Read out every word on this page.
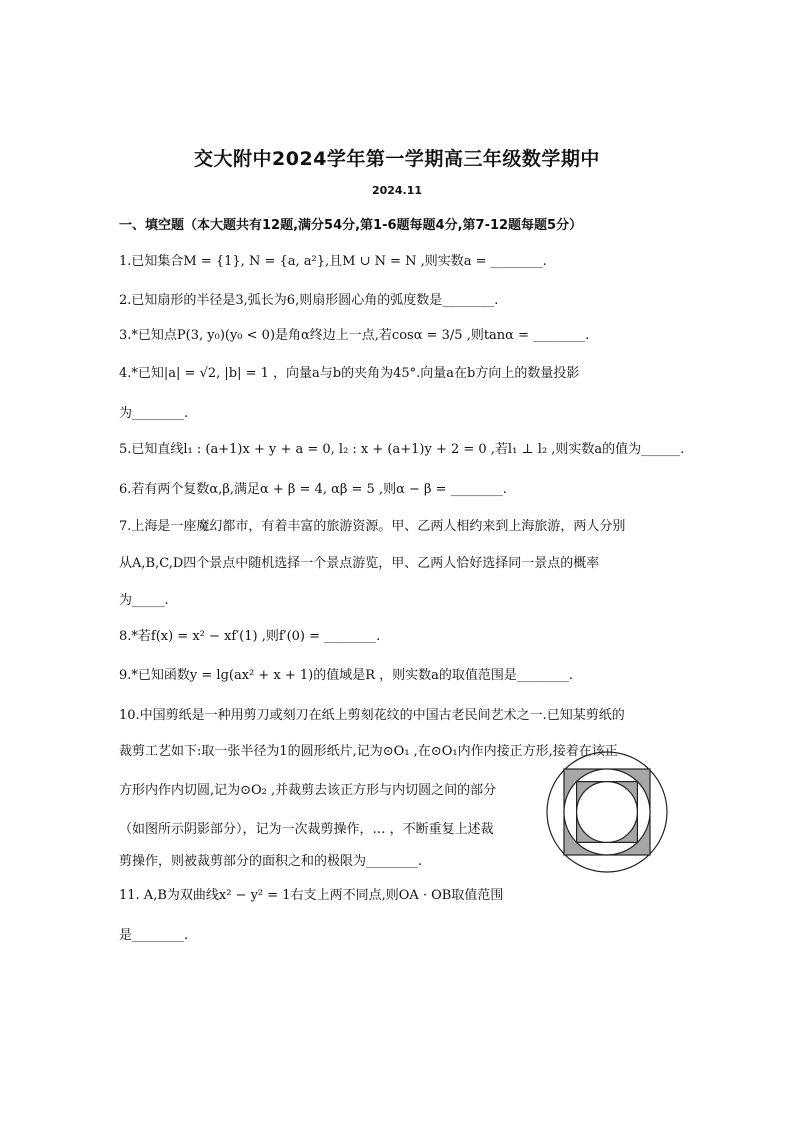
交大附中2024学年第一学期高三年级数学期中
2024.11
一、填空题（本大题共有12题,满分54分,第1-6题每题4分,第7-12题每题5分）
1.已知集合M = {1}, N = {a, a²},且M ∪ N = N ,则实数a = ________.
2.已知扇形的半径是3,弧长为6,则扇形圆心角的弧度数是________.
3.*已知点P(3, y₀)(y₀ < 0)是角α终边上一点,若cosα = 3/5 ,则tanα = ________.
4.*已知|a| = √2, |b| = 1 ，向量a与b的夹角为45°.向量a在b方向上的数量投影
为________.
5.已知直线l₁ : (a+1)x + y + a = 0, l₂ : x + (a+1)y + 2 = 0 ,若l₁ ⊥ l₂ ,则实数a的值为______.
6.若有两个复数α,β,满足α + β = 4, αβ = 5 ,则α − β = ________.
7.上海是一座魔幻都市，有着丰富的旅游资源。甲、乙两人相约来到上海旅游，两人分别
从A,B,C,D四个景点中随机选择一个景点游览，甲、乙两人恰好选择同一景点的概率
为_____.
8.*若f(x) = x² − xf′(1) ,则f′(0) = ________.
9.*已知函数y = lg(ax² + x + 1)的值域是R ，则实数a的取值范围是________.
10.中国剪纸是一种用剪刀或刻刀在纸上剪刻花纹的中国古老民间艺术之一.已知某剪纸的
裁剪工艺如下:取一张半径为1的圆形纸片,记为⊙O₁ ,在⊙O₁内作内接正方形,接着在该正
方形内作内切圆,记为⊙O₂ ,并裁剪去该正方形与内切圆之间的部分
（如图所示阴影部分），记为一次裁剪操作，… ，不断重复上述裁
剪操作，则被裁剪部分的面积之和的极限为________.
11. A,B为双曲线x² − y² = 1右支上两不同点,则OA · OB取值范围
是________.
